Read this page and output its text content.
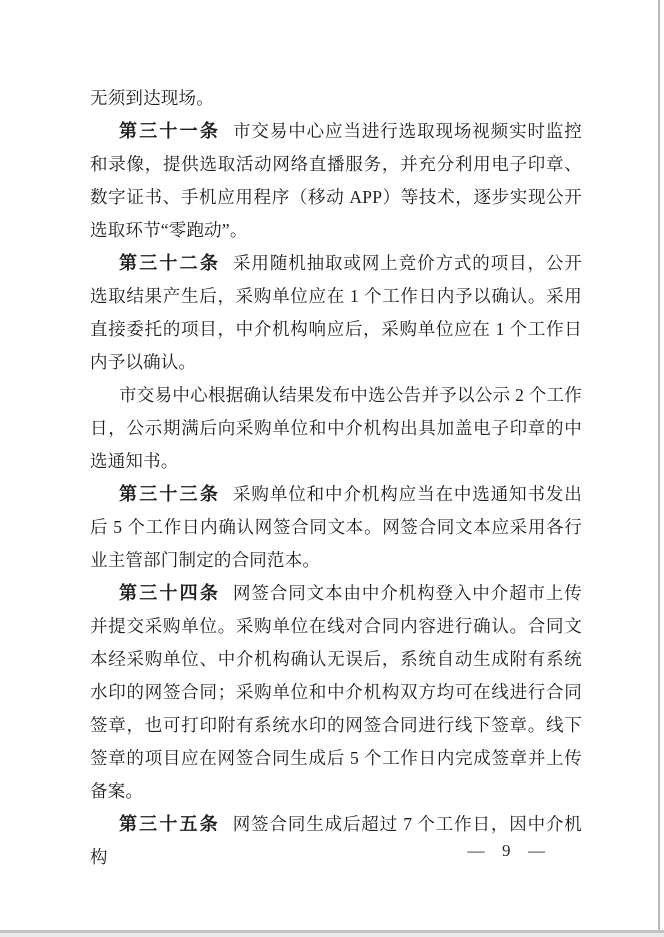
无须到达现场。

第三十一条 市交易中心应当进行选取现场视频实时监控和录像，提供选取活动网络直播服务，并充分利用电子印章、数字证书、手机应用程序（移动 APP）等技术，逐步实现公开选取环节“零跑动”。

第三十二条 采用随机抽取或网上竞价方式的项目，公开选取结果产生后，采购单位应在 1 个工作日内予以确认。采用直接委托的项目，中介机构响应后，采购单位应在 1 个工作日内予以确认。

市交易中心根据确认结果发布中选公告并予以公示 2 个工作日，公示期满后向采购单位和中介机构出具加盖电子印章的中选通知书。

第三十三条 采购单位和中介机构应当在中选通知书发出后 5 个工作日内确认网签合同文本。网签合同文本应采用各行业主管部门制定的合同范本。

第三十四条 网签合同文本由中介机构登入中介超市上传并提交采购单位。采购单位在线对合同内容进行确认。合同文本经采购单位、中介机构确认无误后，系统自动生成附有系统水印的网签合同；采购单位和中介机构双方均可在线进行合同签章，也可打印附有系统水印的网签合同进行线下签章。线下签章的项目应在网签合同生成后 5 个工作日内完成签章并上传备案。

第三十五条 网签合同生成后超过 7 个工作日，因中介机构	—  9  —
